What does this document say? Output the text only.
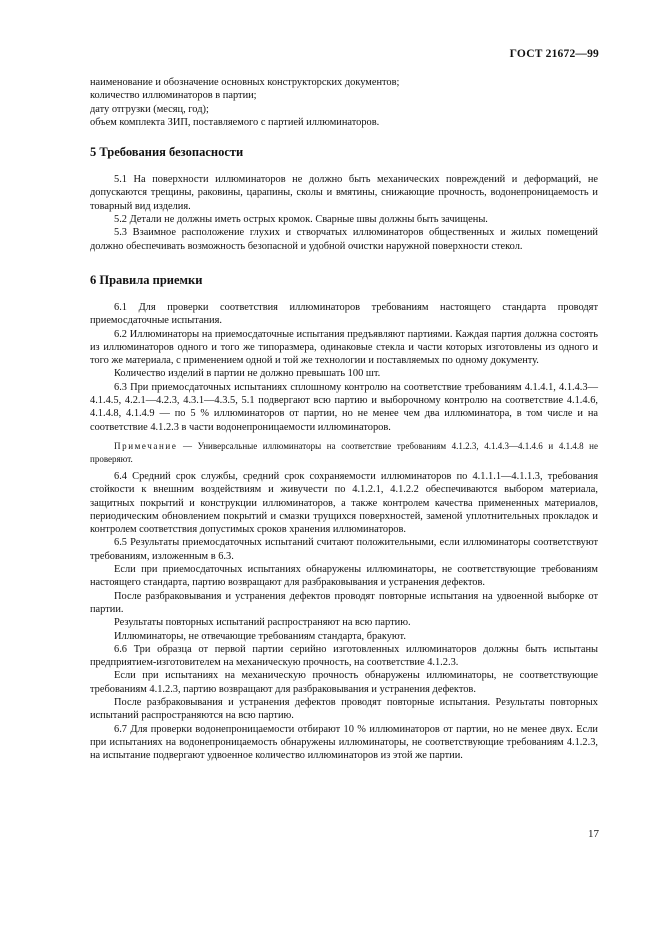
ГОСТ 21672—99

наименование и обозначение основных конструкторских документов;

количество иллюминаторов в партии;

дату отгрузки (месяц, год);

объем комплекта ЗИП, поставляемого с партией иллюминаторов.

5 Требования безопасности

5.1 На поверхности иллюминаторов не должно быть механических повреждений и деформаций, не допускаются трещины, раковины, царапины, сколы и вмятины, снижающие прочность, водонепроницаемость и товарный вид изделия.

5.2 Детали не должны иметь острых кромок. Сварные швы должны быть зачищены.

5.3 Взаимное расположение глухих и створчатых иллюминаторов общественных и жилых помещений должно обеспечивать возможность безопасной и удобной очистки наружной поверхности стекол.

6 Правила приемки

6.1 Для проверки соответствия иллюминаторов требованиям настоящего стандарта проводят приемосдаточные испытания.

6.2 Иллюминаторы на приемосдаточные испытания предъявляют партиями. Каждая партия должна состоять из иллюминаторов одного и того же типоразмера, одинаковые стекла и части которых изготовлены из одного и того же материала, с применением одной и той же технологии и поставляемых по одному документу.

Количество изделий в партии не должно превышать 100 шт.

6.3 При приемосдаточных испытаниях сплошному контролю на соответствие требованиям 4.1.4.1, 4.1.4.3—4.1.4.5, 4.2.1—4.2.3, 4.3.1—4.3.5, 5.1 подвергают всю партию и выборочному контролю на соответствие 4.1.4.6, 4.1.4.8, 4.1.4.9 — по 5 % иллюминаторов от партии, но не менее чем два иллюминатора, в том числе и на соответствие 4.1.2.3 в части водонепроницаемости иллюминаторов.

Примечание — Универсальные иллюминаторы на соответствие требованиям 4.1.2.3, 4.1.4.3—4.1.4.6 и 4.1.4.8 не проверяют.

6.4 Средний срок службы, средний срок сохраняемости иллюминаторов по 4.1.1.1—4.1.1.3, требования стойкости к внешним воздействиям и живучести по 4.1.2.1, 4.1.2.2 обеспечиваются выбором материала, защитных покрытий и конструкции иллюминаторов, а также контролем качества примененных материалов, периодическим обновлением покрытий и смазки трущихся поверхностей, заменой уплотнительных прокладок и контролем соответствия допустимых сроков хранения иллюминаторов.

6.5 Результаты приемосдаточных испытаний считают положительными, если иллюминаторы соответствуют требованиям, изложенным в 6.3.

Если при приемосдаточных испытаниях обнаружены иллюминаторы, не соответствующие требованиям настоящего стандарта, партию возвращают для разбраковывания и устранения дефектов.

После разбраковывания и устранения дефектов проводят повторные испытания на удвоенной выборке от партии.

Результаты повторных испытаний распространяют на всю партию.

Иллюминаторы, не отвечающие требованиям стандарта, бракуют.

6.6 Три образца от первой партии серийно изготовленных иллюминаторов должны быть испытаны предприятием-изготовителем на механическую прочность, на соответствие 4.1.2.3.

Если при испытаниях на механическую прочность обнаружены иллюминаторы, не соответствующие требованиям 4.1.2.3, партию возвращают для разбраковывания и устранения дефектов.

После разбраковывания и устранения дефектов проводят повторные испытания. Результаты повторных испытаний распространяются на всю партию.

6.7 Для проверки водонепроницаемости отбирают 10 % иллюминаторов от партии, но не менее двух. Если при испытаниях на водонепроницаемость обнаружены иллюминаторы, не соответствующие требованиям 4.1.2.3, на испытание подвергают удвоенное количество иллюминаторов из этой же партии.

17
